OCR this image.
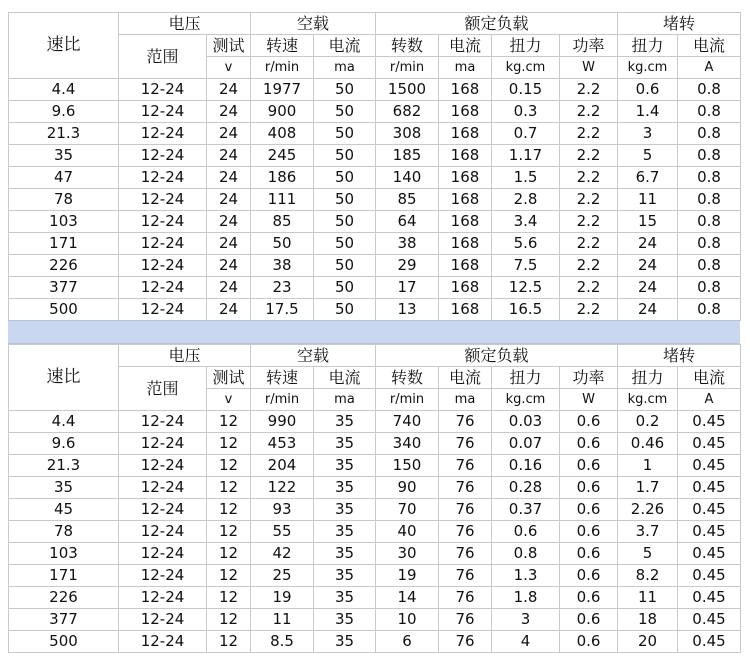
速比	电压		空载		额定负载				堵转	
	范围	测试	转速	电流	转数	电流	扭力	功率	扭力	电流
		v	r/min	ma	r/min	ma	kg.cm	W	kg.cm	A
4.4	12-24	24	1977	50	1500	168	0.15	2.2	0.6	0.8
9.6	12-24	24	900	50	682	168	0.3	2.2	1.4	0.8
21.3	12-24	24	408	50	308	168	0.7	2.2	3	0.8
35	12-24	24	245	50	185	168	1.17	2.2	5	0.8
47	12-24	24	186	50	140	168	1.5	2.2	6.7	0.8
78	12-24	24	111	50	85	168	2.8	2.2	11	0.8
103	12-24	24	85	50	64	168	3.4	2.2	15	0.8
171	12-24	24	50	50	38	168	5.6	2.2	24	0.8
226	12-24	24	38	50	29	168	7.5	2.2	24	0.8
377	12-24	24	23	50	17	168	12.5	2.2	24	0.8
500	12-24	24	17.5	50	13	168	16.5	2.2	24	0.8
速比	电压		空载		额定负载				堵转	
	范围	测试	转速	电流	转数	电流	扭力	功率	扭力	电流
		v	r/min	ma	r/min	ma	kg.cm	W	kg.cm	A
4.4	12-24	12	990	35	740	76	0.03	0.6	0.2	0.45
9.6	12-24	12	453	35	340	76	0.07	0.6	0.46	0.45
21.3	12-24	12	204	35	150	76	0.16	0.6	1	0.45
35	12-24	12	122	35	90	76	0.28	0.6	1.7	0.45
45	12-24	12	93	35	70	76	0.37	0.6	2.26	0.45
78	12-24	12	55	35	40	76	0.6	0.6	3.7	0.45
103	12-24	12	42	35	30	76	0.8	0.6	5	0.45
171	12-24	12	25	35	19	76	1.3	0.6	8.2	0.45
226	12-24	12	19	35	14	76	1.8	0.6	11	0.45
377	12-24	12	11	35	10	76	3	0.6	18	0.45
500	12-24	12	8.5	35	6	76	4	0.6	20	0.45
